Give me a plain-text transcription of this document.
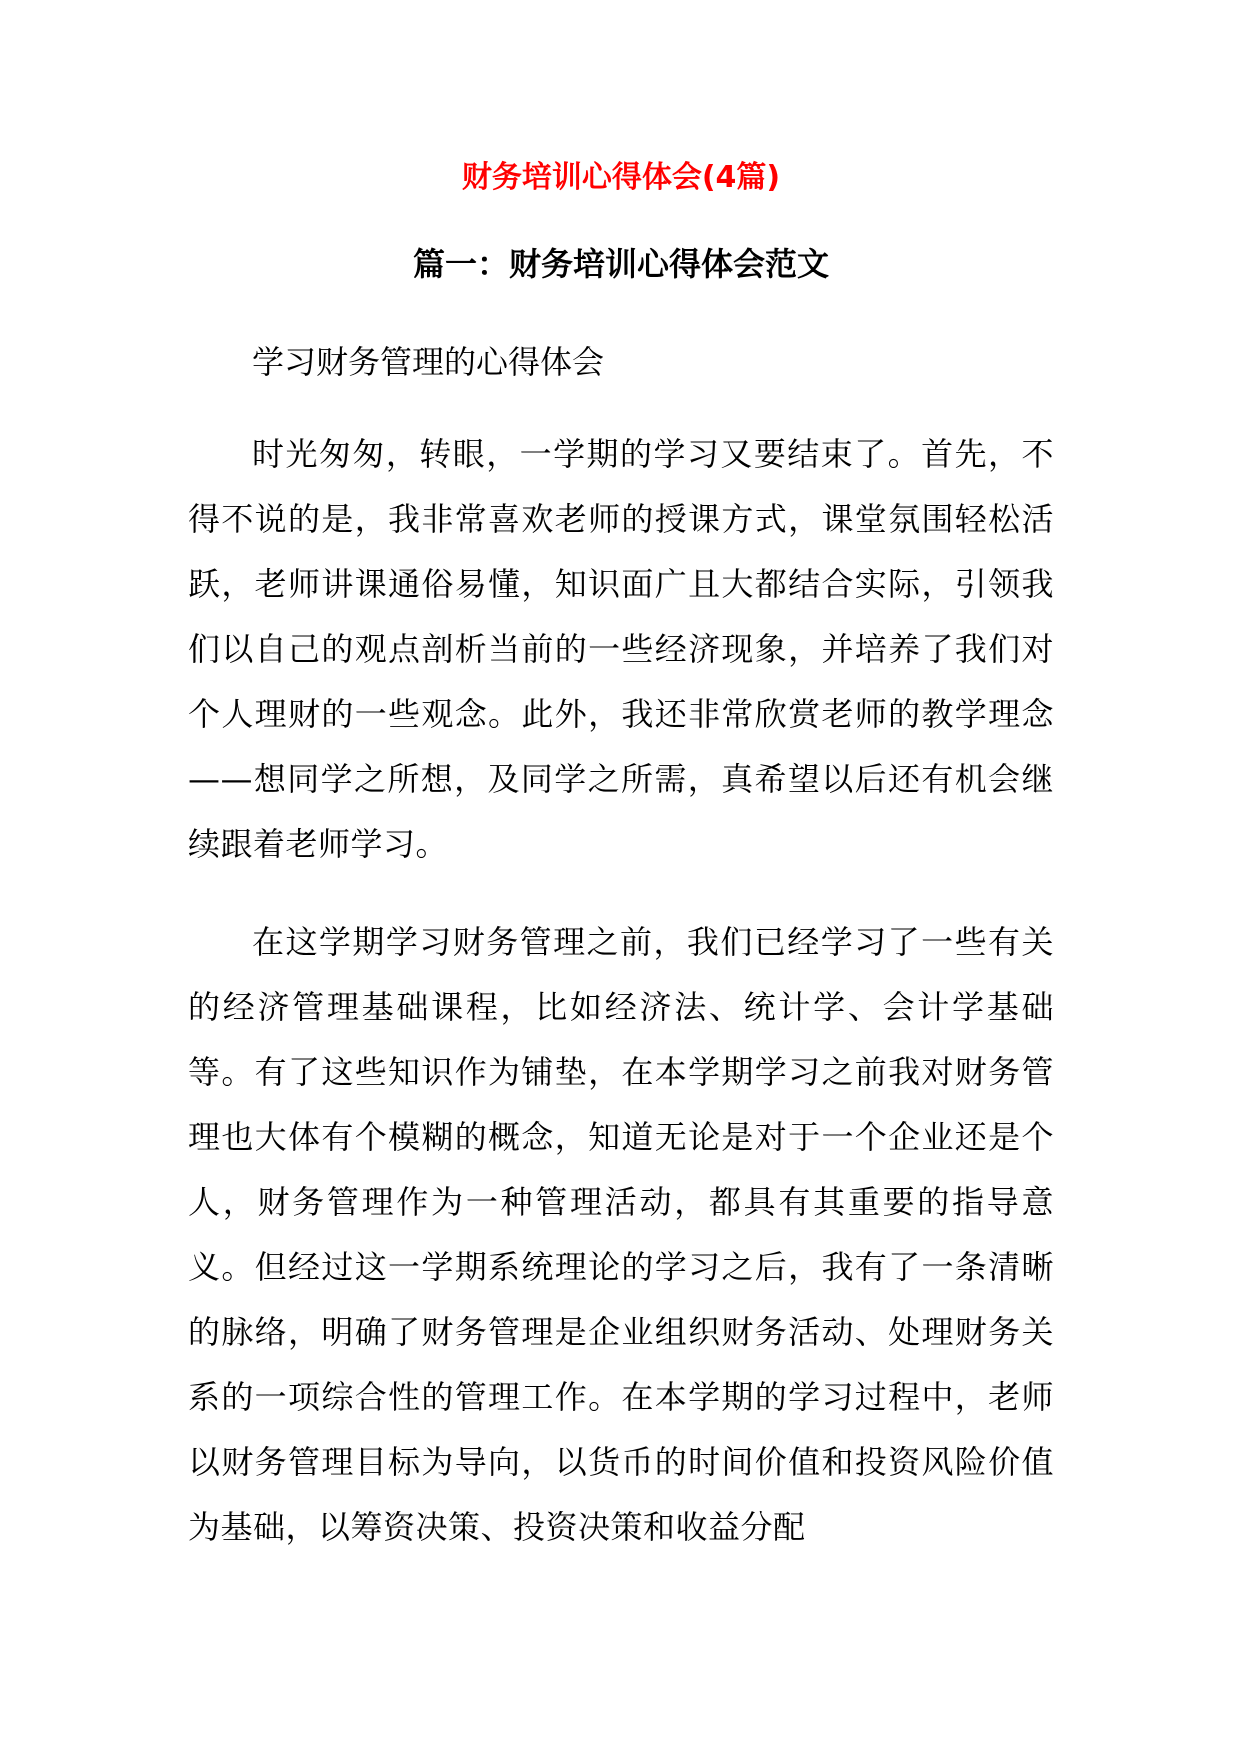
财务培训心得体会(4篇)
篇一：财务培训心得体会范文

学习财务管理的心得体会

时光匆匆，转眼，一学期的学习又要结束了。首先，不得不说的是，我非常喜欢老师的授课方式，课堂氛围轻松活跃，老师讲课通俗易懂，知识面广且大都结合实际，引领我们以自己的观点剖析当前的一些经济现象，并培养了我们对个人理财的一些观念。此外，我还非常欣赏老师的教学理念——想同学之所想，及同学之所需，真希望以后还有机会继续跟着老师学习。

在这学期学习财务管理之前，我们已经学习了一些有关的经济管理基础课程，比如经济法、统计学、会计学基础等。有了这些知识作为铺垫，在本学期学习之前我对财务管理也大体有个模糊的概念，知道无论是对于一个企业还是个人，财务管理作为一种管理活动，都具有其重要的指导意义。但经过这一学期系统理论的学习之后，我有了一条清晰的脉络，明确了财务管理是企业组织财务活动、处理财务关系的一项综合性的管理工作。在本学期的学习过程中，老师以财务管理目标为导向，以货币的时间价值和投资风险价值为基础，以筹资决策、投资决策和收益分配
